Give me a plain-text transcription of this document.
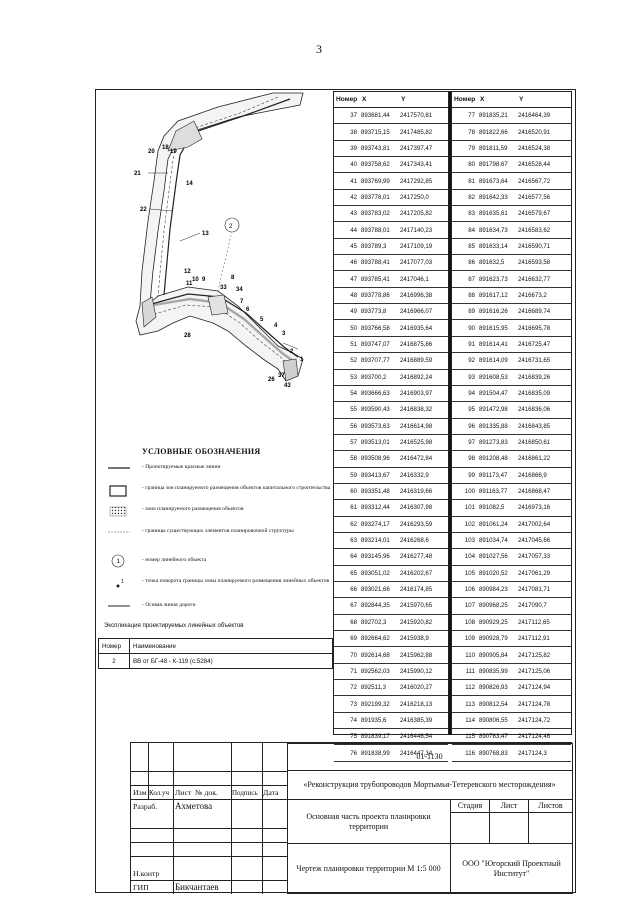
3
20
18
19
21
14
22
2
13
12
11
10 9	8
33 34
7
6
5
4
3
2
1
28
26
37
43
Номер	X	Y
37	893681,44	2417570,81
38	893715,15	2417485,82
39	893743,81	2417397,47
40	893758,62	2417343,41
41	893769,99	2417292,85
42	893778,01	2417250,0
43	893783,02	2417205,82
44	893788,01	2417140,23
45	893789,3	2417109,19
46	893788,41	2417077,03
47	893785,41	2417046,1
48	893778,86	2416996,38
49	893773,8	2416966,07
50	893766,58	2416935,64
51	893747,07	2416875,86
52	893707,77	2416889,59
53	893700,2	2416892,24
54	893666,63	2416903,97
55	893590,43	2416838,32
56	893573,63	2416614,98
57	893513,01	2416525,98
58	893508,96	2416472,84
59	893413,67	2416332,9
60	893351,48	2416319,66
61	893312,44	2416307,98
62	893274,17	2416293,59
63	893214,01	2416268,6
64	893145,96	2416277,48
65	893051,02	2416202,67
66	893021,66	2416174,85
67	892844,35	2415970,65
68	892702,3	2415920,82
69	892664,62	2415938,9
70	892614,68	2415962,88
71	892562,03	2415990,12
72	892511,3	2416020,27
73	892199,32	2416218,13
74	891935,6	2416385,39
75	891839,17	2416446,54
76	891838,99	2416447,34
Номер	X	Y
77	891835,21	2416464,39
78	891822,66	2416520,91
79	891811,59	2416524,38
80	891798,67	2416528,44
81	891673,64	2416567,72
82	891642,33	2416577,56
83	891635,61	2416579,67
84	891634,73	2416583,62
85	891633,14	2416590,71
86	891632,5	2416593,58
87	891623,73	2416632,77
88	891617,12	2416673,2
89	891616,26	2416689,74
90	891615,95	2416695,78
91	891614,41	2416725,47
92	891614,09	2416731,65
93	891608,53	2416839,26
94	891504,47	2416835,09
95	891472,98	2416836,06
96	891335,88	2416843,85
97	891273,83	2416850,61
98	891208,48	2416861,22
99	891173,47	2416866,9
100	891163,77	2416868,47
101	891082,5	2416973,16
102	891061,24	2417002,64
103	891034,74	2417045,66
104	891027,56	2417057,33
105	891020,52	2417061,29
106	890984,23	2417081,71
107	890968,25	2417090,7
108	890929,25	2417112,65
109	890928,79	2417112,91
110	890905,84	2417125,82
111	890835,99	2417125,06
112	890826,93	2417124,94
113	890812,54	2417124,78
114	890806,55	2417124,72
115	890783,47	2417124,46
116	890768,83	2417124,3
УСЛОВНЫЕ ОБОЗНАЧЕНИЯ
- Проектируемые красные линии
- граница зон планируемого размещения объектов капитального строительства
- зона планируемого размещения объектов
- границы существующих элементов планировочной структуры
1	- номер линейного объекта
1	- точка поворота границы зоны планируемого размещения линейных объектов
- Осевая линия дороги
Экспликация проектируемых линейных объектов
Номер	Наименование
2	ВВ от БГ-48 - К-119 (с.5284)
Изм Кол.уч Лист № док.	Подпись Дата
Разраб.	Ахметова
Н.контр
ГИП	Бикчантаев
01-1130
«Реконструкция трубопроводов Мортымья-Тетеревского месторождения»
Основная часть проекта планировки территории
Стадия	Лист	Листов
Чертеж планировки территории М 1:5 000
ООО "Югорский Проектный Институт"
